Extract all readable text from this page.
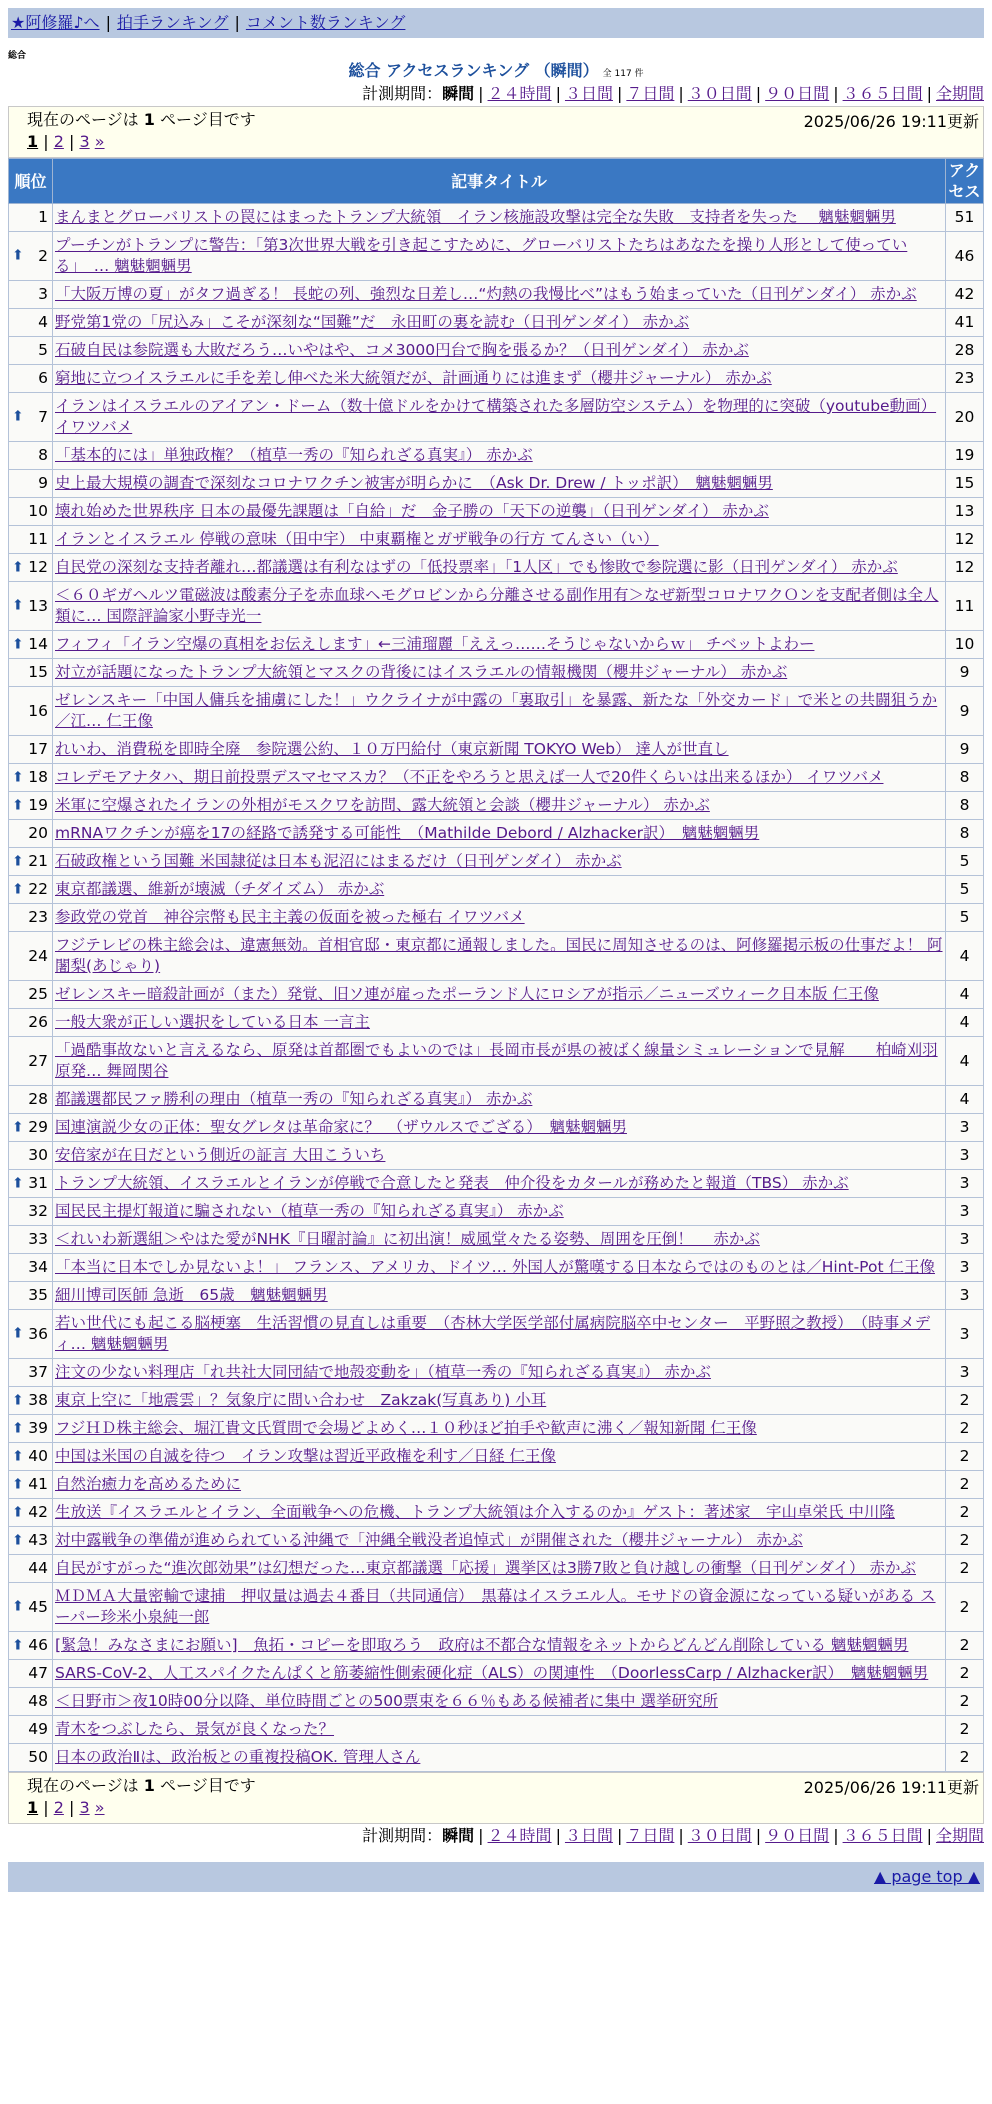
★阿修羅♪へ | 拍手ランキング | コメント数ランキング
総合
総合 アクセスランキング （瞬間） 全 117 件
計測期間：瞬間 | ２４時間 | ３日間 | ７日間 | ３０日間 | ９０日間 | ３６５日間 | 全期間
現在のページは 1 ページ目です	2025/06/26 19:11更新
1 | 2 | 3 »
順位	記事タイトル	アクセス
1	まんまとグローバリストの罠にはまったトランプ大統領　イラン核施設攻撃は完全な失敗　支持者を失った　 魑魅魍魎男	51

⬆ 2	プーチンがトランプに警告：「第3次世界大戦を引き起こすために、グローバリストたちはあなたを操り人形として使っている」　… 魑魅魍魎男	46
3	「大阪万博の夏」がタフ過ぎる！ 長蛇の列、強烈な日差し…“灼熱の我慢比べ”はもう始まっていた（日刊ゲンダイ） 赤かぶ	42
4	野党第1党の「尻込み」こそが深刻な“国難”だ　永田町の裏を読む（日刊ゲンダイ） 赤かぶ	41
5	石破自民は参院選も大敗だろう…いやはや、コメ3000円台で胸を張るか？（日刊ゲンダイ） 赤かぶ	28
6	窮地に立つイスラエルに手を差し伸べた米大統領だが、計画通りには進まず（櫻井ジャーナル） 赤かぶ	23

⬆ 7	イランはイスラエルのアイアン・ドーム（数十億ドルをかけて構築された多層防空システム）を物理的に突破（youtube動画） イワツバメ	20
8	「基本的には」単独政権？（植草一秀の『知られざる真実』） 赤かぶ	19
9	史上最大規模の調査で深刻なコロナワクチン被害が明らかに　（Ask Dr. Drew / トッポ訳）　魑魅魍魎男	15
10	壊れ始めた世界秩序 日本の最優先課題は「自給」だ　金子勝の「天下の逆襲」（日刊ゲンダイ） 赤かぶ	13
11	イランとイスラエル 停戦の意味（田中宇） 中東覇権とガザ戦争の行方 てんさい（い）	12

⬆ 12	自民党の深刻な支持者離れ…都議選は有利なはずの「低投票率」「1人区」でも惨敗で参院選に影（日刊ゲンダイ） 赤かぶ	12

⬆ 13	＜６０ギガヘルツ電磁波は酸素分子を赤血球ヘモグロビンから分離させる副作用有＞なぜ新型コロナワクＯンを支配者側は全人類に… 国際評論家小野寺光一	11

⬆ 14	フィフィ「イラン空爆の真相をお伝えします」←三浦瑠麗「ええっ……そうじゃないからｗ」 チベットよわー	10
15	対立が話題になったトランプ大統領とマスクの背後にはイスラエルの情報機関（櫻井ジャーナル） 赤かぶ	9
16	ゼレンスキー「中国人傭兵を捕虜にした！」ウクライナが中露の「裏取引」を暴露、新たな「外交カード」で米との共闘狙うか／江… 仁王像	9
17	れいわ、消費税を即時全廃　参院選公約、１０万円給付（東京新聞 TOKYO Web） 達人が世直し	9

⬆ 18	コレデモアナタハ、期日前投票デスマセマスカ？（不正をやろうと思えば一人で20件くらいは出来るほか） イワツバメ	8

⬆ 19	米軍に空爆されたイランの外相がモスクワを訪問、露大統領と会談（櫻井ジャーナル） 赤かぶ	8
20	mRNAワクチンが癌を17の経路で誘発する可能性　（Mathilde Debord / Alzhacker訳）　魑魅魍魎男	8

⬆ 21	石破政権という国難 米国隷従は日本も泥沼にはまるだけ（日刊ゲンダイ） 赤かぶ	5

⬆ 22	東京都議選、維新が壊滅（チダイズム） 赤かぶ	5
23	参政党の党首　神谷宗幣も民主主義の仮面を被った極右 イワツバメ	5
24	フジテレビの株主総会は、違憲無効。首相官邸・東京都に通報しました。国民に周知させるのは、阿修羅掲示板の仕事だよ！ 阿闍梨(あじゃり)	4
25	ゼレンスキー暗殺計画が（また）発覚、旧ソ連が雇ったポーランド人にロシアが指示／ニューズウィーク日本版 仁王像	4
26	一般大衆が正しい選択をしている日本 一言主	4
27	「過酷事故ないと言えるなら、原発は首都圏でもよいのでは」長岡市長が県の被ばく線量シミュレーションで見解　　柏崎刈羽原発… 舞岡関谷	4
28	都議選都民ファ勝利の理由（植草一秀の『知られざる真実』） 赤かぶ	4

⬆ 29	国連演説少女の正体：聖女グレタは革命家に？　（ザウルスでござる）　魑魅魍魎男	3
30	安倍家が在日だという側近の証言 大田こういち	3

⬆ 31	トランプ大統領、イスラエルとイランが停戦で合意したと発表　仲介役をカタールが務めたと報道（TBS） 赤かぶ	3
32	国民民主提灯報道に騙されない（植草一秀の『知られざる真実』） 赤かぶ	3
33	＜れいわ新選組＞やはた愛がNHK『日曜討論』に初出演！威風堂々たる姿勢、周囲を圧倒！　 赤かぶ	3
34	「本当に日本でしか見ないよ！」 フランス、アメリカ、ドイツ… 外国人が驚嘆する日本ならではのものとは／Hint-Pot 仁王像	3
35	細川博司医師 急逝　65歳　魑魅魍魎男	3

⬆ 36	若い世代にも起こる脳梗塞　生活習慣の見直しは重要　（杏林大学医学部付属病院脳卒中センター　平野照之教授）　（時事メディ… 魑魅魍魎男	3
37	注文の少ない料理店「れ共社大同団結で地殻変動を」（植草一秀の『知られざる真実』） 赤かぶ	3

⬆ 38	東京上空に「地震雲」？気象庁に問い合わせ　Zakzak(写真あり) 小耳	2

⬆ 39	フジＨＤ株主総会、堀江貴文氏質問で会場どよめく…１０秒ほど拍手や歓声に沸く／報知新聞 仁王像	2

⬆ 40	中国は米国の自滅を待つ　イラン攻撃は習近平政権を利す／日経 仁王像	2

⬆ 41	自然治癒力を高めるために	2

⬆ 42	生放送『イスラエルとイラン、全面戦争への危機、トランプ大統領は介入するのか』ゲスト：著述家　宇山卓栄氏 中川隆	2

⬆ 43	対中露戦争の準備が進められている沖縄で「沖縄全戦没者追悼式」が開催された（櫻井ジャーナル） 赤かぶ	2
44	自民がすがった“進次郎効果”は幻想だった…東京都議選「応援」選挙区は3勝7敗と負け越しの衝撃（日刊ゲンダイ） 赤かぶ	2

⬆ 45	ＭＤＭＡ大量密輸で逮捕　押収量は過去４番目（共同通信）　黒幕はイスラエル人。モサドの資金源になっている疑いがある スーパー珍米小泉純一郎	2

⬆ 46	[緊急！みなさまにお願い]　魚拓・コピーを即取ろう　政府は不都合な情報をネットからどんどん削除している 魑魅魍魎男	2
47	SARS-CoV-2、人工スパイクたんぱくと筋萎縮性側索硬化症（ALS）の関連性　（DoorlessCarp / Alzhacker訳）　魑魅魍魎男	2
48	＜日野市＞夜10時00分以降、単位時間ごとの500票束を６６％もある候補者に集中 選挙研究所	2
49	青木をつぶしたら、景気が良くなった？	2
50	日本の政治Ⅱは、政治板との重複投稿OK. 管理人さん	2
現在のページは 1 ページ目です	2025/06/26 19:11更新
1 | 2 | 3 »
計測期間：瞬間 | ２４時間 | ３日間 | ７日間 | ３０日間 | ９０日間 | ３６５日間 | 全期間
▲ page top ▲
